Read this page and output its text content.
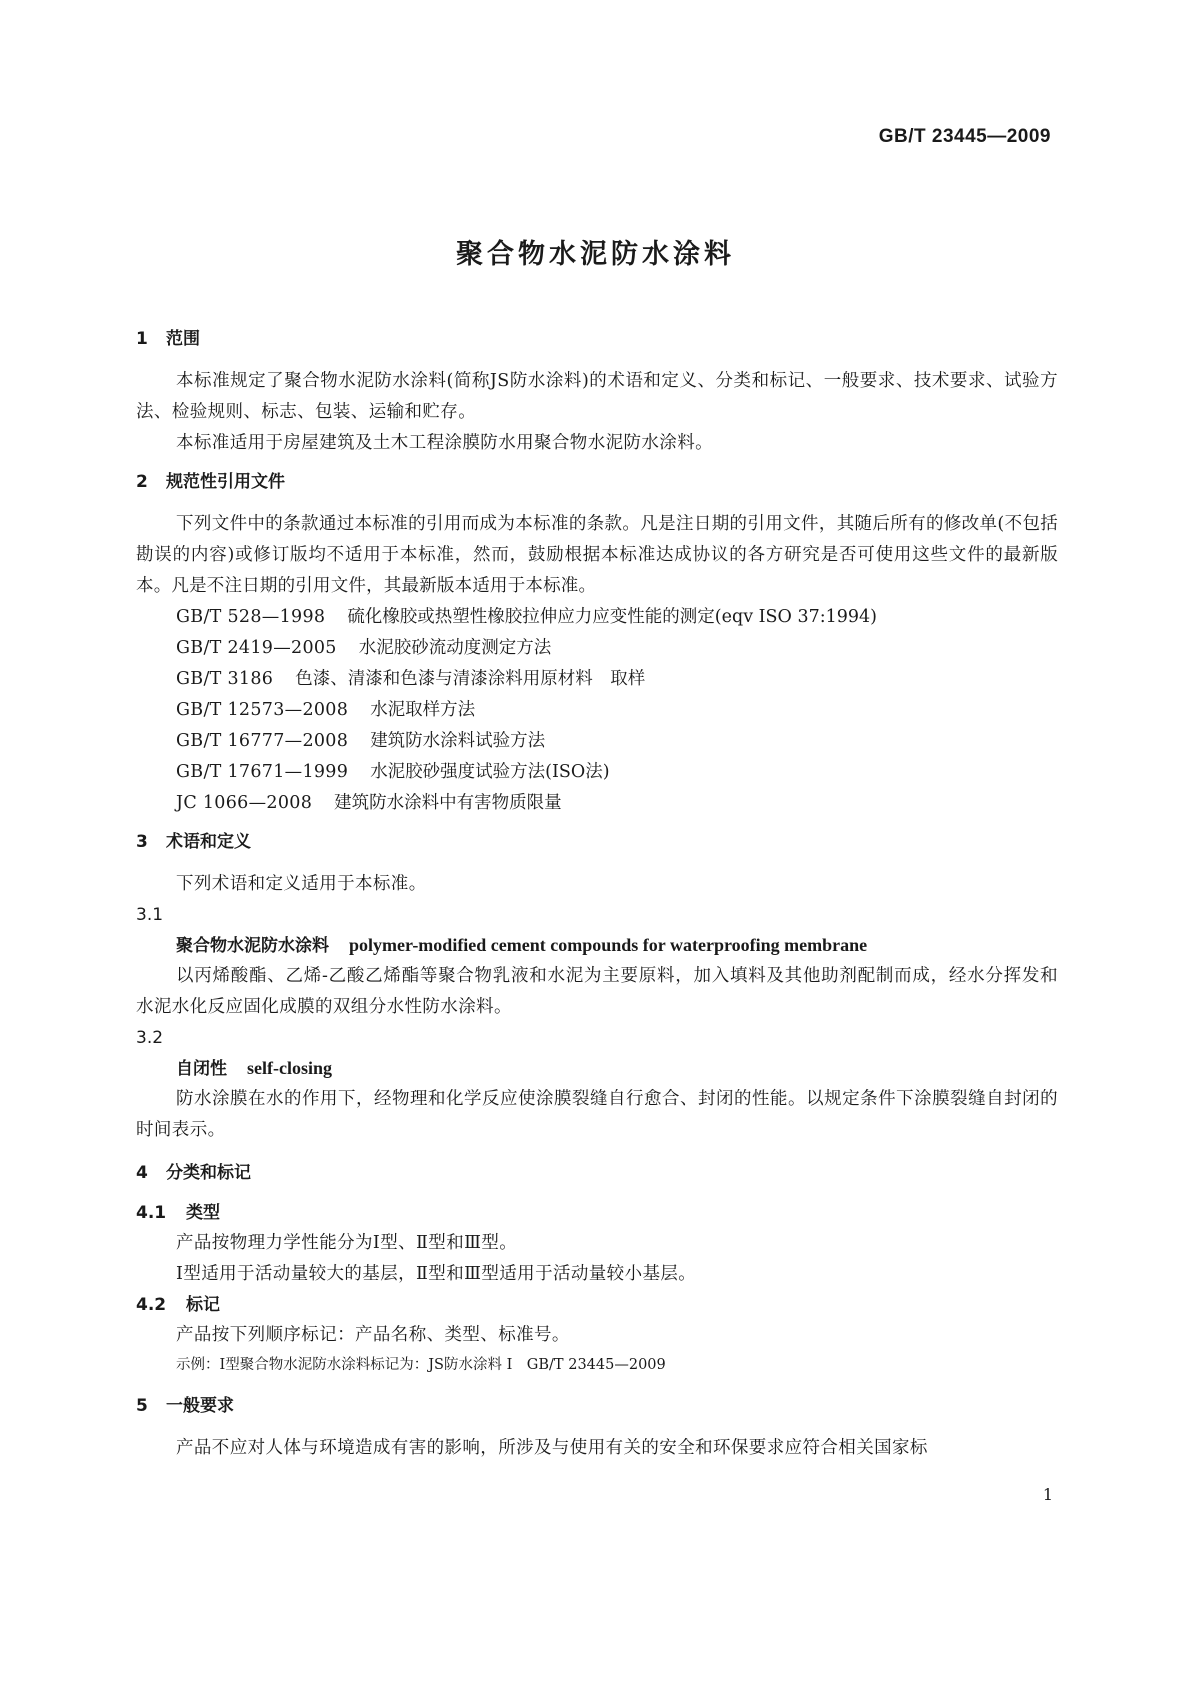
GB/T 23445—2009
聚合物水泥防水涂料
1 范围
本标准规定了聚合物水泥防水涂料(简称JS防水涂料)的术语和定义、分类和标记、一般要求、技术要求、试验方法、检验规则、标志、包装、运输和贮存。
本标准适用于房屋建筑及土木工程涂膜防水用聚合物水泥防水涂料。
2 规范性引用文件
下列文件中的条款通过本标准的引用而成为本标准的条款。凡是注日期的引用文件，其随后所有的修改单(不包括勘误的内容)或修订版均不适用于本标准，然而，鼓励根据本标准达成协议的各方研究是否可使用这些文件的最新版本。凡是不注日期的引用文件，其最新版本适用于本标准。
GB/T 528—1998 硫化橡胶或热塑性橡胶拉伸应力应变性能的测定(eqv ISO 37:1994)
GB/T 2419—2005 水泥胶砂流动度测定方法
GB/T 3186 色漆、清漆和色漆与清漆涂料用原材料　取样
GB/T 12573—2008 水泥取样方法
GB/T 16777—2008 建筑防水涂料试验方法
GB/T 17671—1999 水泥胶砂强度试验方法(ISO法)
JC 1066—2008 建筑防水涂料中有害物质限量
3 术语和定义
下列术语和定义适用于本标准。
3.1
聚合物水泥防水涂料 polymer-modified cement compounds for waterproofing membrane
以丙烯酸酯、乙烯-乙酸乙烯酯等聚合物乳液和水泥为主要原料，加入填料及其他助剂配制而成，经水分挥发和水泥水化反应固化成膜的双组分水性防水涂料。
3.2
自闭性 self-closing
防水涂膜在水的作用下，经物理和化学反应使涂膜裂缝自行愈合、封闭的性能。以规定条件下涂膜裂缝自封闭的时间表示。
4 分类和标记
4.1 类型
产品按物理力学性能分为Ⅰ型、Ⅱ型和Ⅲ型。
Ⅰ型适用于活动量较大的基层，Ⅱ型和Ⅲ型适用于活动量较小基层。
4.2 标记
产品按下列顺序标记：产品名称、类型、标准号。
示例：Ⅰ型聚合物水泥防水涂料标记为：JS防水涂料 Ⅰ　GB/T 23445—2009
5 一般要求
产品不应对人体与环境造成有害的影响，所涉及与使用有关的安全和环保要求应符合相关国家标
1
